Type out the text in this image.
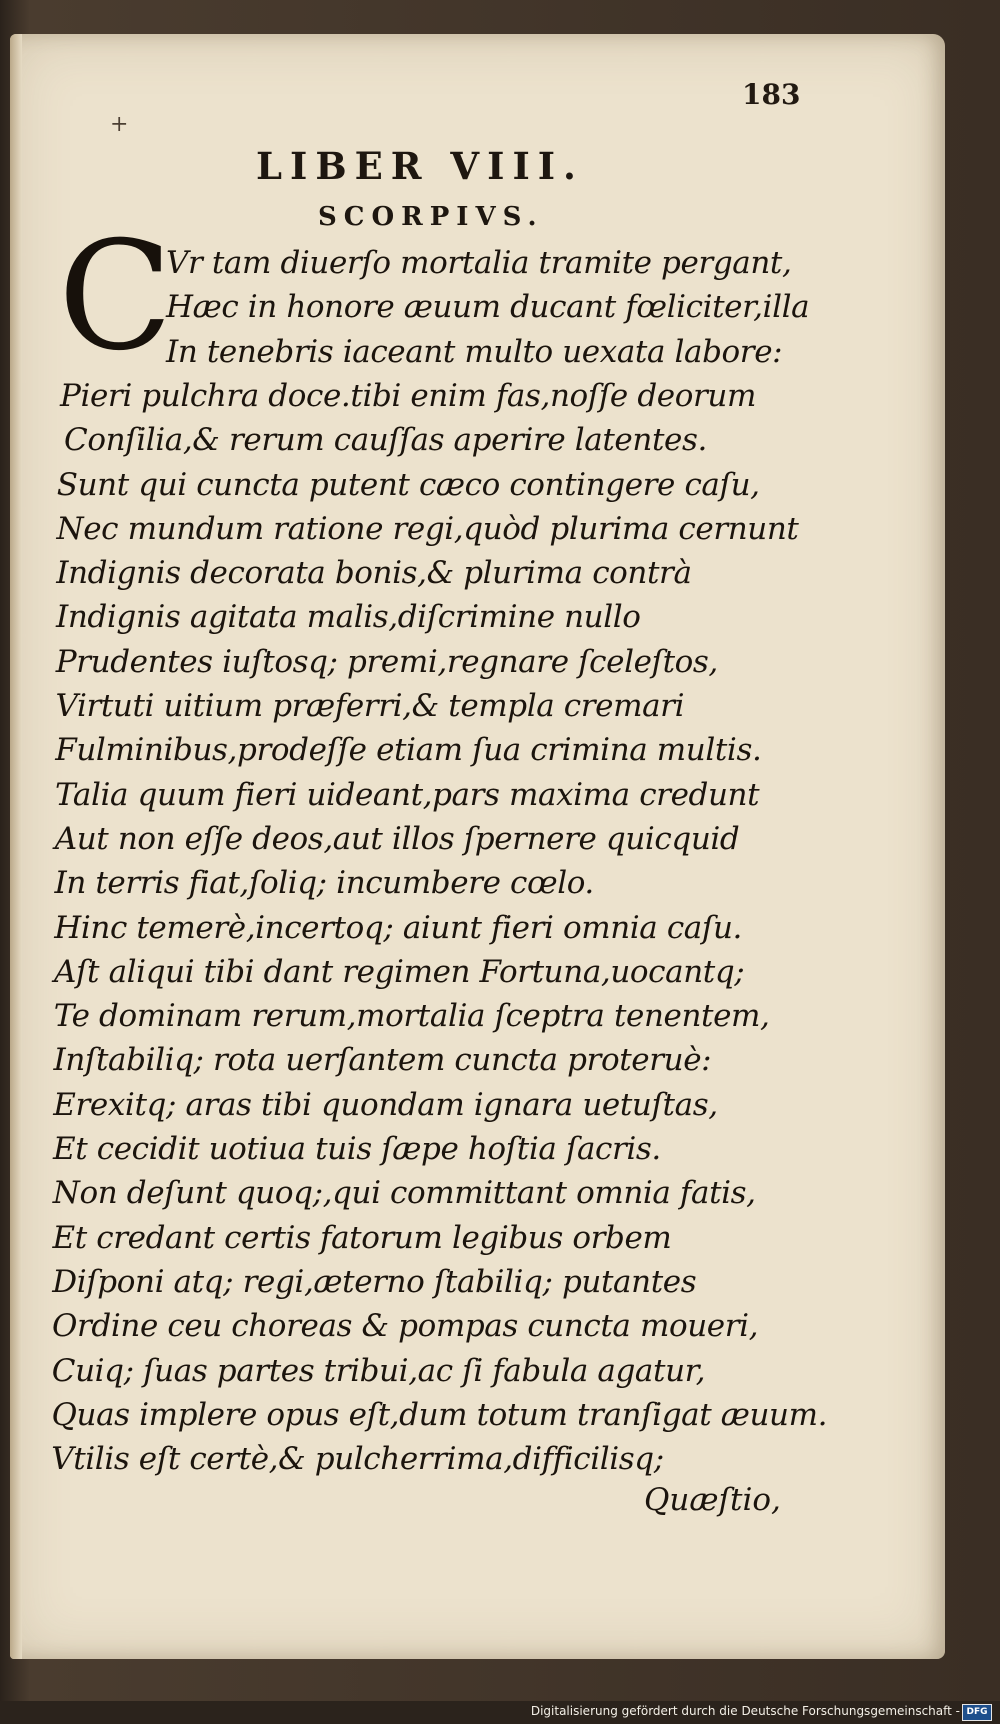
183
+
LIBER VIII.
SCORPIVS.
C
Vr tam diuerſo mortalia tramite pergant,
Hæc in honore æuum ducant fœliciter,illa
In tenebris iaceant multo uexata labore:
Pieri pulchra doce.tibi enim fas,noſſe deorum
Conſilia,& rerum cauſſas aperire latentes.
Sunt qui cuncta putent cæco contingere caſu,
Nec mundum ratione regi,quòd plurima cernunt
Indignis decorata bonis,& plurima contrà
Indignis agitata malis,diſcrimine nullo
Prudentes iuſtosq; premi,regnare ſceleſtos,
Virtuti uitium præferri,& templa cremari
Fulminibus,prodeſſe etiam ſua crimina multis.
Talia quum fieri uideant,pars maxima credunt
Aut non eſſe deos,aut illos ſpernere quicquid
In terris fiat,ſoliq; incumbere cœlo.
Hinc temerè,incertoq; aiunt fieri omnia caſu.
Aſt aliqui tibi dant regimen Fortuna,uocantq;
Te dominam rerum,mortalia ſceptra tenentem,
Inſtabiliq; rota uerſantem cuncta proteruè:
Erexitq; aras tibi quondam ignara uetuſtas,
Et cecidit uotiua tuis ſæpe hoſtia ſacris.
Non deſunt quoq;,qui committant omnia fatis,
Et credant certis fatorum legibus orbem
Diſponi atq; regi,æterno ſtabiliq; putantes
Ordine ceu choreas & pompas cuncta moueri,
Cuiq; ſuas partes tribui,ac ſi fabula agatur,
Quas implere opus eſt,dum totum tranſigat æuum.
Vtilis eſt certè,& pulcherrima,difficilisq;
Quæſtio,
Digitalisierung gefördert durch die Deutsche Forschungsgemeinschaft - DFG
